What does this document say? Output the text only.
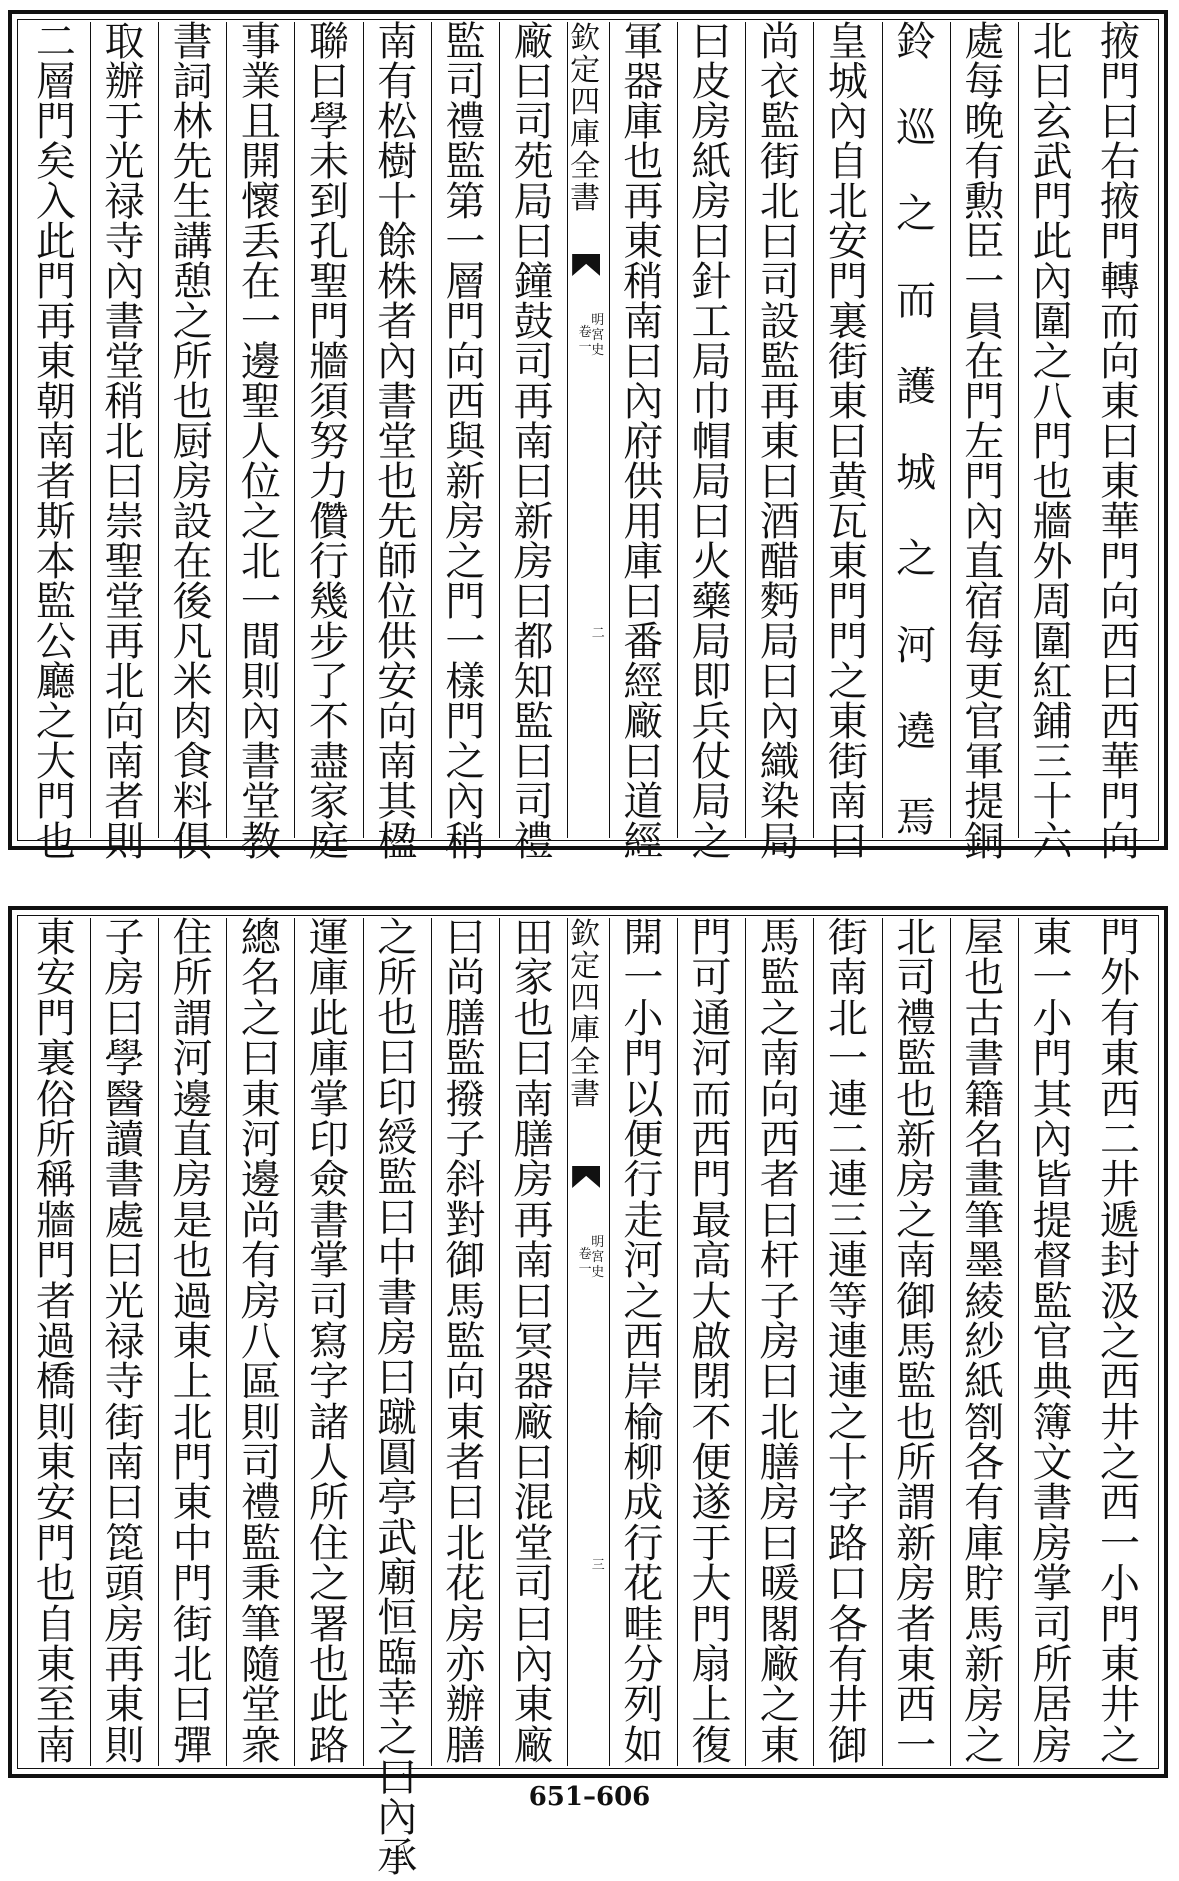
掖
門
曰
右
掖
門
轉
而
向
東
曰
東
華
門
向
西
曰
西
華
門
向
北
曰
玄
武
門
此
內
圍
之
八
門
也
牆
外
周
圍
紅
鋪
三
十
六
處
每
晚
有
勲
臣
一
員
在
門
左
門
內
直
宿
每
更
官
軍
提
銅
鈴
巡
之
而
護
城
之
河
遶
焉
皇
城
內
自
北
安
門
裏
街
東
曰
黄
瓦
東
門
門
之
東
街
南
曰
尚
衣
監
街
北
曰
司
設
監
再
東
曰
酒
醋
麪
局
曰
內
織
染
局
曰
皮
房
紙
房
曰
針
工
局
巾
帽
局
曰
火
藥
局
即
兵
仗
局
之
軍
器
庫
也
再
東
稍
南
曰
內
府
供
用
庫
曰
番
經
廠
曰
道
經
欽
定
四
庫
全
書
明
宮
史
卷
一
二
廠
曰
司
苑
局
曰
鐘
鼓
司
再
南
曰
新
房
曰
都
知
監
曰
司
禮
監
司
禮
監
第
一
層
門
向
西
與
新
房
之
門
一
樣
門
之
內
稍
南
有
松
樹
十
餘
株
者
內
書
堂
也
先
師
位
供
安
向
南
其
楹
聯
曰
學
未
到
孔
聖
門
牆
須
努
力
儹
行
幾
步
了
不
盡
家
庭
事
業
且
開
懷
丢
在
一
邊
聖
人
位
之
北
一
間
則
內
書
堂
教
書
詞
林
先
生
講
憩
之
所
也
厨
房
設
在
後
凡
米
肉
食
料
俱
取
辦
于
光
禄
寺
內
書
堂
稍
北
曰
崇
聖
堂
再
北
向
南
者
則
二
層
門
矣
入
此
門
再
東
朝
南
者
斯
本
監
公
廳
之
大
門
也
門
外
有
東
西
二
井
遞
封
汲
之
西
井
之
西
一
小
門
東
井
之
東
一
小
門
其
內
皆
提
督
監
官
典
簿
文
書
房
掌
司
所
居
房
屋
也
古
書
籍
名
畫
筆
墨
綾
紗
紙
劄
各
有
庫
貯
馬
新
房
之
北
司
禮
監
也
新
房
之
南
御
馬
監
也
所
謂
新
房
者
東
西
一
街
南
北
一
連
二
連
三
連
等
連
連
之
十
字
路
口
各
有
井
御
馬
監
之
南
向
西
者
曰
杆
子
房
曰
北
膳
房
曰
暖
閣
廠
之
東
門
可
通
河
而
西
門
最
高
大
啟
閉
不
便
遂
于
大
門
扇
上
復
開
一
小
門
以
便
行
走
河
之
西
岸
榆
柳
成
行
花
畦
分
列
如
欽
定
四
庫
全
書
明
宮
史
卷
一
三
田
家
也
曰
南
膳
房
再
南
曰
冥
器
廠
曰
混
堂
司
曰
內
東
廠
曰
尚
膳
監
撥
子
斜
對
御
馬
監
向
東
者
曰
北
花
房
亦
辦
膳
之
所
也
曰
印
綬
監
曰
中
書
房
曰
蹴
圓
亭
武
廟
恒
臨
幸
之
曰
內
承
運
庫
此
庫
掌
印
僉
書
掌
司
寫
字
諸
人
所
住
之
署
也
此
路
總
名
之
曰
東
河
邊
尚
有
房
八
區
則
司
禮
監
秉
筆
隨
堂
衆
住
所
謂
河
邊
直
房
是
也
過
東
上
北
門
東
中
門
街
北
曰
彈
子
房
曰
學
醫
讀
書
處
曰
光
禄
寺
街
南
曰
箆
頭
房
再
東
則
東
安
門
裏
俗
所
稱
牆
門
者
過
橋
則
東
安
門
也
自
東
至
南
651–606
